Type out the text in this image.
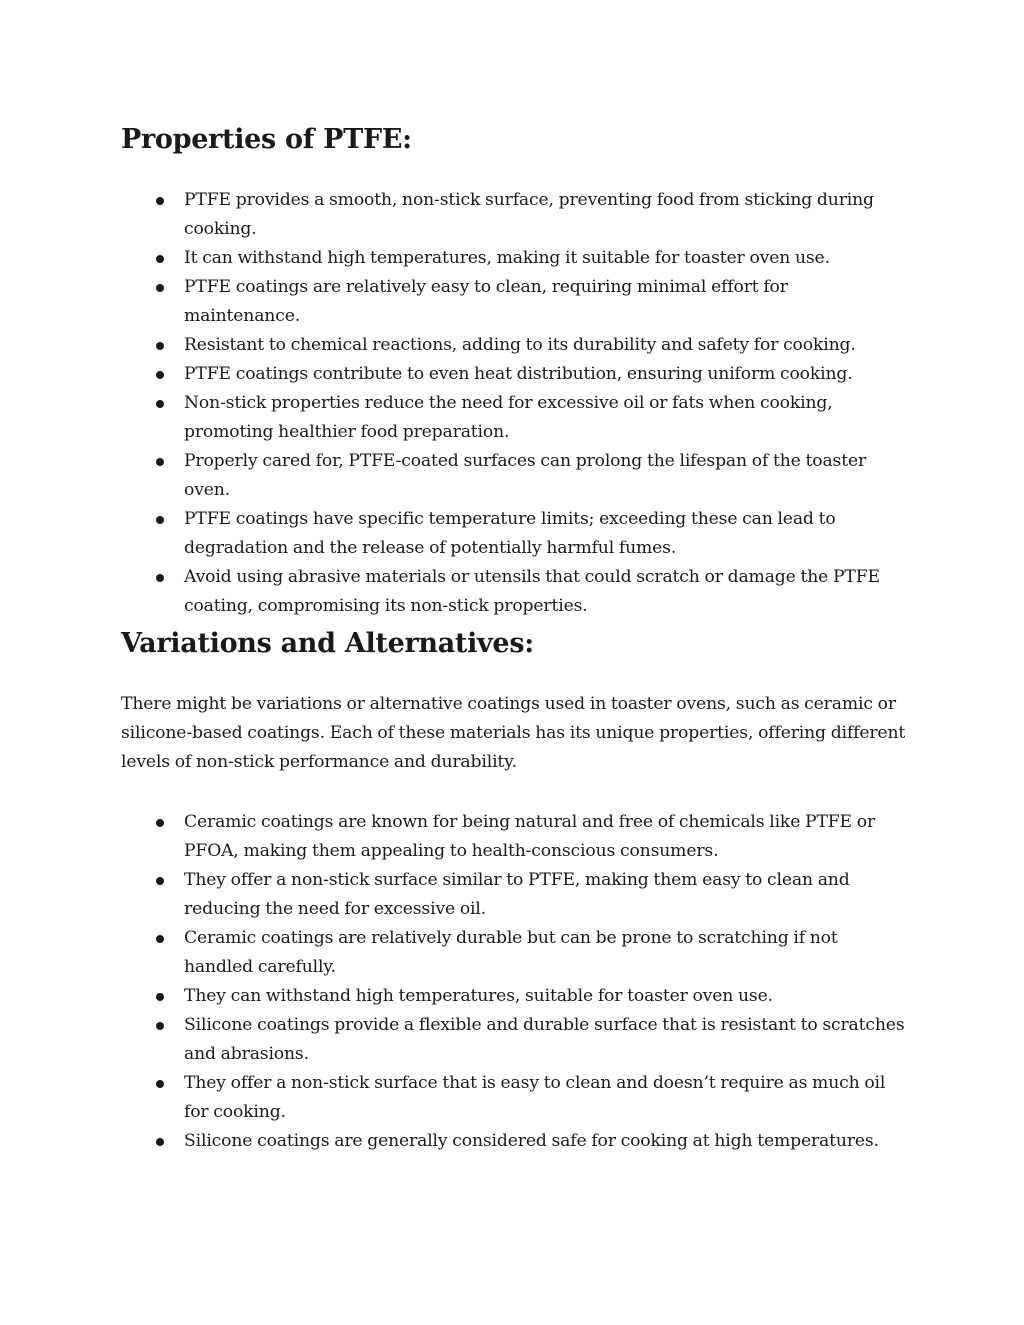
Properties of PTFE:
PTFE provides a smooth, non-stick surface, preventing food from sticking during cooking.
It can withstand high temperatures, making it suitable for toaster oven use.
PTFE coatings are relatively easy to clean, requiring minimal effort for maintenance.
Resistant to chemical reactions, adding to its durability and safety for cooking.
PTFE coatings contribute to even heat distribution, ensuring uniform cooking.
Non-stick properties reduce the need for excessive oil or fats when cooking, promoting healthier food preparation.
Properly cared for, PTFE-coated surfaces can prolong the lifespan of the toaster oven.
PTFE coatings have specific temperature limits; exceeding these can lead to degradation and the release of potentially harmful fumes.
Avoid using abrasive materials or utensils that could scratch or damage the PTFE coating, compromising its non-stick properties.
Variations and Alternatives:

There might be variations or alternative coatings used in toaster ovens, such as ceramic or silicone-based coatings. Each of these materials has its unique properties, offering different levels of non-stick performance and durability.

Ceramic coatings are known for being natural and free of chemicals like PTFE or PFOA, making them appealing to health-conscious consumers.
They offer a non-stick surface similar to PTFE, making them easy to clean and reducing the need for excessive oil.
Ceramic coatings are relatively durable but can be prone to scratching if not handled carefully.
They can withstand high temperatures, suitable for toaster oven use.
Silicone coatings provide a flexible and durable surface that is resistant to scratches and abrasions.
They offer a non-stick surface that is easy to clean and doesn’t require as much oil for cooking.
Silicone coatings are generally considered safe for cooking at high temperatures.
